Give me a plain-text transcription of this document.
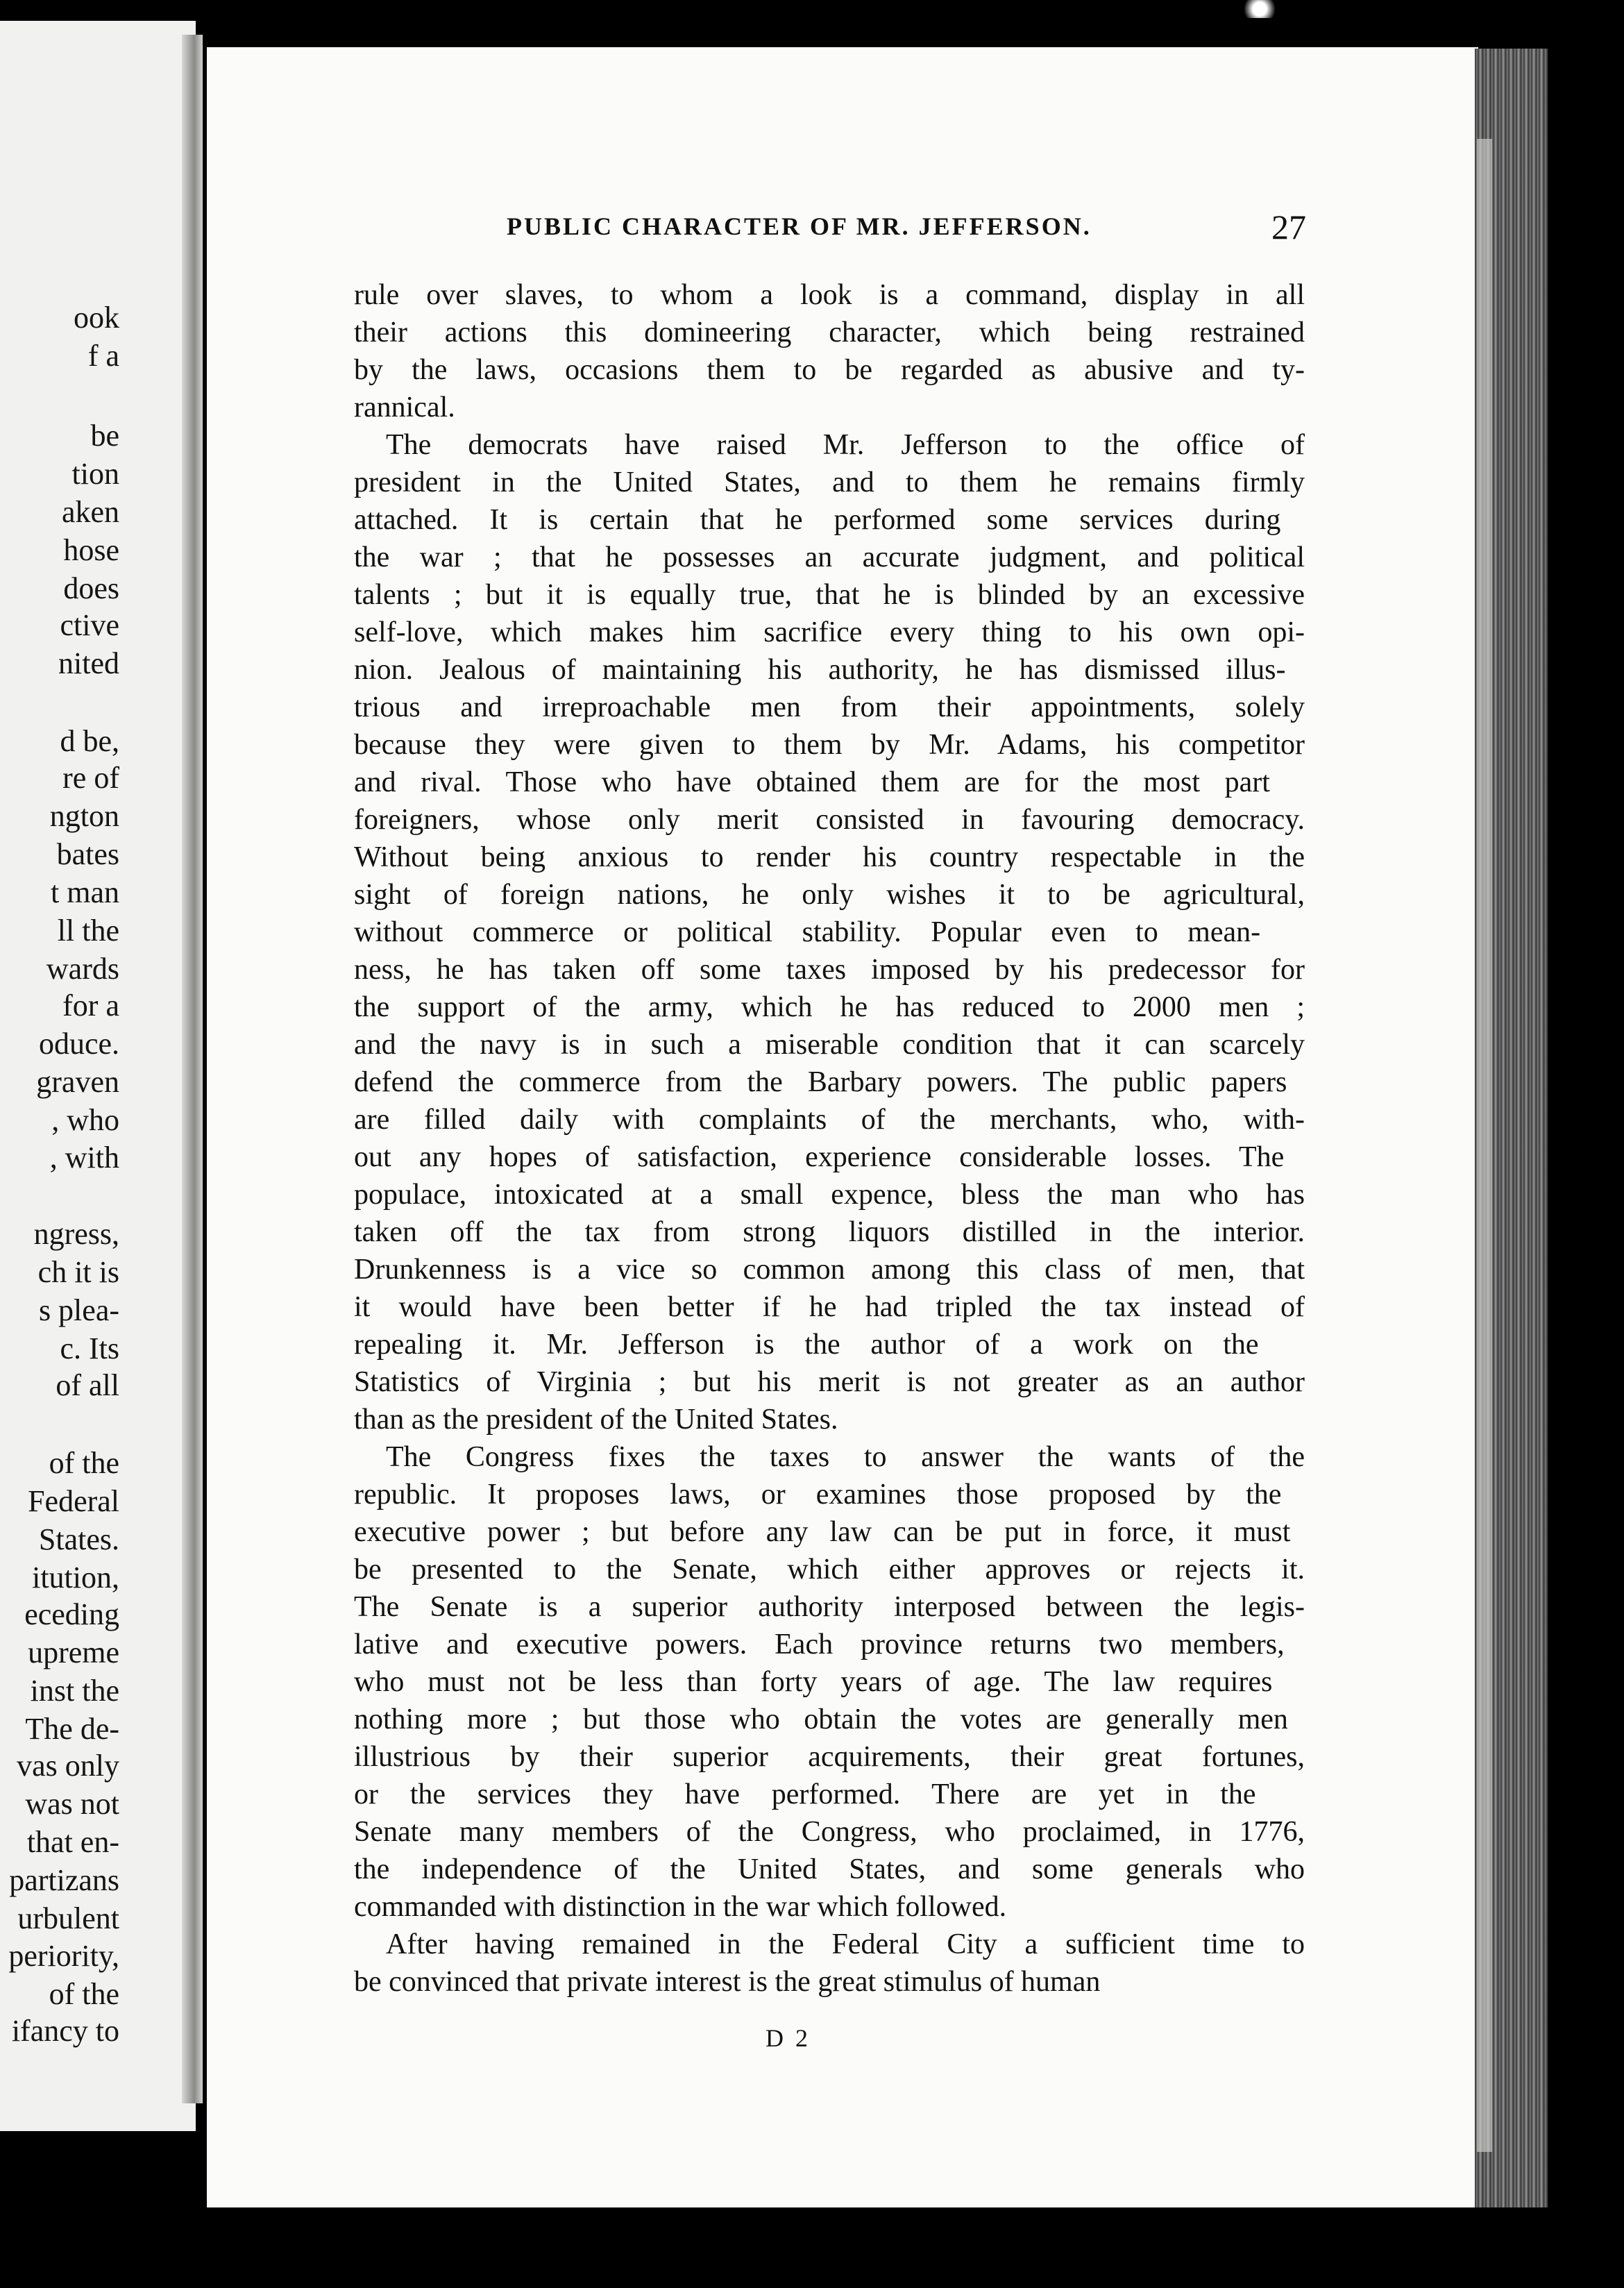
ook
f a
be
tion
aken
hose
does
ctive
nited
d be,
re of
ngton
bates
t man
ll the
wards
for a
oduce.
graven
, who
, with
ngress,
ch it is
s plea-
c. Its
of all
of the
Federal
States.
itution,
eceding
upreme
inst the
The de-
vas only
was not
that en-
partizans
urbulent
periority,
of the
ifancy to
PUBLIC CHARACTER OF MR. JEFFERSON.	27
rule over slaves, to whom a look is a command, display in all
their actions this domineering character, which being restrained
by the laws, occasions them to be regarded as abusive and ty-
rannical.
The democrats have raised Mr. Jefferson to the office of
president in the United States, and to them he remains firmly
attached. It is certain that he performed some services during
the war ; that he possesses an accurate judgment, and political
talents ; but it is equally true, that he is blinded by an excessive
self-love, which makes him sacrifice every thing to his own opi-
nion. Jealous of maintaining his authority, he has dismissed illus-
trious and irreproachable men from their appointments, solely
because they were given to them by Mr. Adams, his competitor
and rival. Those who have obtained them are for the most part
foreigners, whose only merit consisted in favouring democracy.
Without being anxious to render his country respectable in the
sight of foreign nations, he only wishes it to be agricultural,
without commerce or political stability. Popular even to mean-
ness, he has taken off some taxes imposed by his predecessor for
the support of the army, which he has reduced to 2000 men ;
and the navy is in such a miserable condition that it can scarcely
defend the commerce from the Barbary powers. The public papers
are filled daily with complaints of the merchants, who, with-
out any hopes of satisfaction, experience considerable losses. The
populace, intoxicated at a small expence, bless the man who has
taken off the tax from strong liquors distilled in the interior.
Drunkenness is a vice so common among this class of men, that
it would have been better if he had tripled the tax instead of
repealing it. Mr. Jefferson is the author of a work on the
Statistics of Virginia ; but his merit is not greater as an author
than as the president of the United States.
The Congress fixes the taxes to answer the wants of the
republic. It proposes laws, or examines those proposed by the
executive power ; but before any law can be put in force, it must
be presented to the Senate, which either approves or rejects it.
The Senate is a superior authority interposed between the legis-
lative and executive powers. Each province returns two members,
who must not be less than forty years of age. The law requires
nothing more ; but those who obtain the votes are generally men
illustrious by their superior acquirements, their great fortunes,
or the services they have performed. There are yet in the
Senate many members of the Congress, who proclaimed, in 1776,
the independence of the United States, and some generals who
commanded with distinction in the war which followed.
After having remained in the Federal City a sufficient time to
be convinced that private interest is the great stimulus of human
D 2
